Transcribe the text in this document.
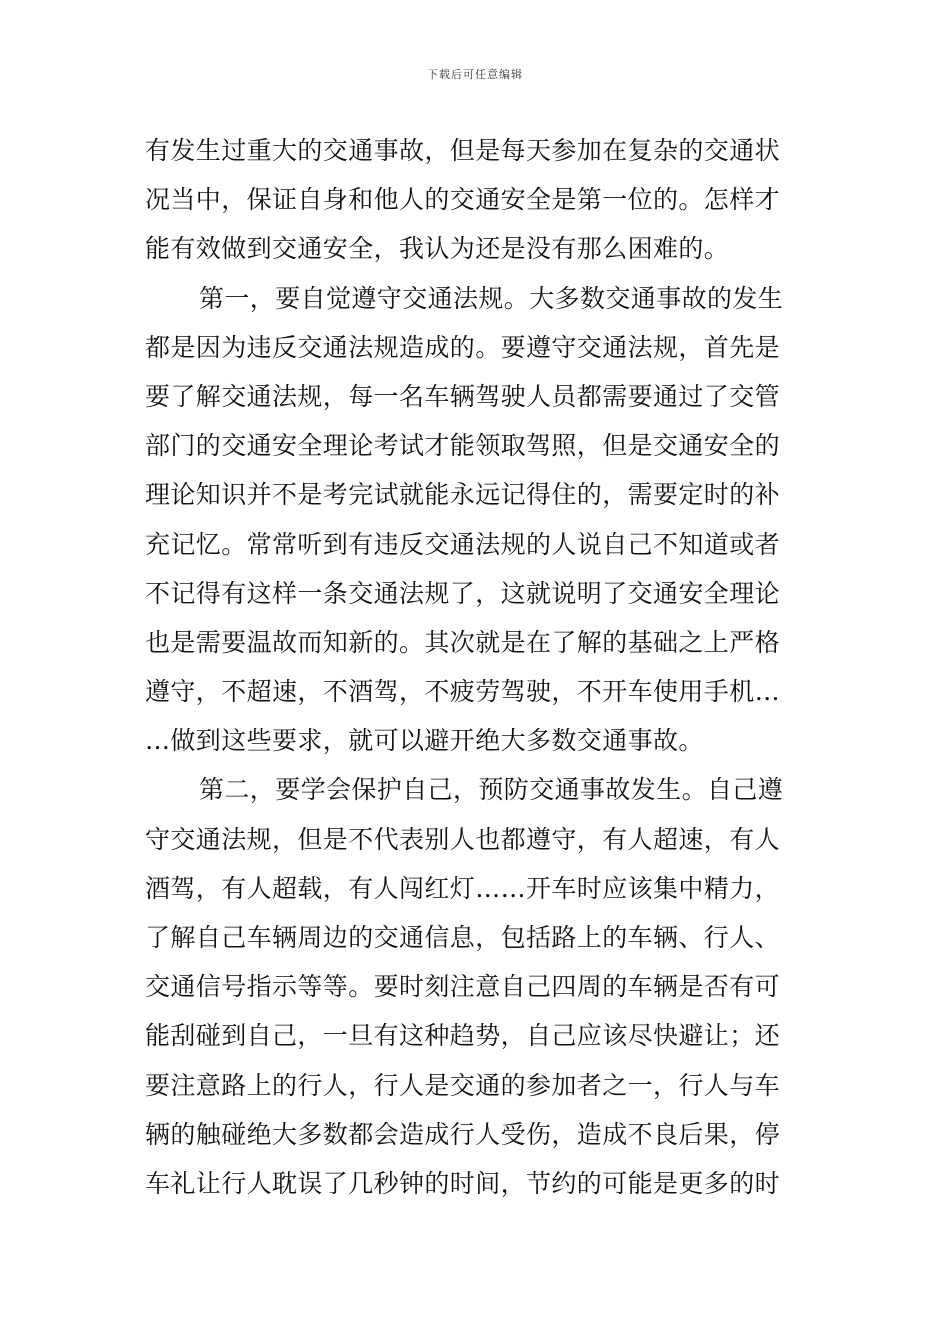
下载后可任意编辑
有发生过重大的交通事故，但是每天参加在复杂的交通状
况当中，保证自身和他人的交通安全是第一位的。怎样才
能有效做到交通安全，我认为还是没有那么困难的。
第一，要自觉遵守交通法规。大多数交通事故的发生
都是因为违反交通法规造成的。要遵守交通法规，首先是
要了解交通法规，每一名车辆驾驶人员都需要通过了交管
部门的交通安全理论考试才能领取驾照，但是交通安全的
理论知识并不是考完试就能永远记得住的，需要定时的补
充记忆。常常听到有违反交通法规的人说自己不知道或者
不记得有这样一条交通法规了，这就说明了交通安全理论
也是需要温故而知新的。其次就是在了解的基础之上严格
遵守，不超速，不酒驾，不疲劳驾驶，不开车使用手机…
…做到这些要求，就可以避开绝大多数交通事故。
第二，要学会保护自己，预防交通事故发生。自己遵
守交通法规，但是不代表别人也都遵守，有人超速，有人
酒驾，有人超载，有人闯红灯……开车时应该集中精力，
了解自己车辆周边的交通信息，包括路上的车辆、行人、
交通信号指示等等。要时刻注意自己四周的车辆是否有可
能刮碰到自己，一旦有这种趋势，自己应该尽快避让；还
要注意路上的行人，行人是交通的参加者之一，行人与车
辆的触碰绝大多数都会造成行人受伤，造成不良后果，停
车礼让行人耽误了几秒钟的时间，节约的可能是更多的时
